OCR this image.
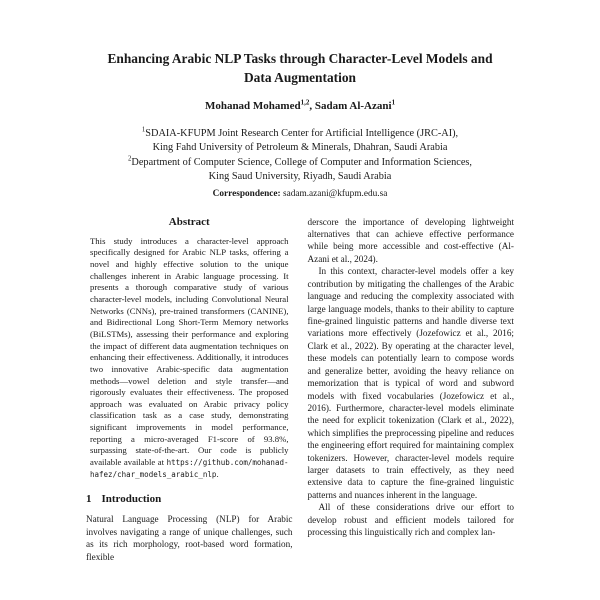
Enhancing Arabic NLP Tasks through Character-Level Models and Data Augmentation
Mohanad Mohamed$^{1,2}$, Sadam Al-Azani$^1$
$^1$SDAIA-KFUPM Joint Research Center for Artificial Intelligence (JRC-AI),
King Fahd University of Petroleum & Minerals, Dhahran, Saudi Arabia
$^2$Department of Computer Science, College of Computer and Information Sciences,
King Saud University, Riyadh, Saudi Arabia
Correspondence: sadam.azani@kfupm.edu.sa
Abstract

This study introduces a character-level approach specifically designed for Arabic NLP tasks, offering a novel and highly effective solution to the unique challenges inherent in Arabic language processing. It presents a thorough comparative study of various character-level models, including Convolutional Neural Networks (CNNs), pre-trained transformers (CANINE), and Bidirectional Long Short-Term Memory networks (BiLSTMs), assessing their performance and exploring the impact of different data augmentation techniques on enhancing their effectiveness. Additionally, it introduces two innovative Arabic-specific data augmentation methods—vowel deletion and style transfer—and rigorously evaluates their effectiveness. The proposed approach was evaluated on Arabic privacy policy classification task as a case study, demonstrating significant improvements in model performance, reporting a micro-averaged F1-score of 93.8%, surpassing state-of-the-art. Our code is publicly available available at https://github.com/mohanad-hafez/char_models_arabic_nlp.

1 Introduction

Natural Language Processing (NLP) for Arabic involves navigating a range of unique challenges, such as its rich morphology, root-based word formation, flexible

derscore the importance of developing lightweight alternatives that can achieve effective performance while being more accessible and cost-effective (Al-Azani et al., 2024).

In this context, character-level models offer a key contribution by mitigating the challenges of the Arabic language and reducing the complexity associated with large language models, thanks to their ability to capture fine-grained linguistic patterns and handle diverse text variations more effectively (Jozefowicz et al., 2016; Clark et al., 2022). By operating at the character level, these models can potentially learn to compose words and generalize better, avoiding the heavy reliance on memorization that is typical of word and subword models with fixed vocabularies (Jozefowicz et al., 2016). Furthermore, character-level models eliminate the need for explicit tokenization (Clark et al., 2022), which simplifies the preprocessing pipeline and reduces the engineering effort required for maintaining complex tokenizers. However, character-level models require larger datasets to train effectively, as they need extensive data to capture the fine-grained linguistic patterns and nuances inherent in the language.

All of these considerations drive our effort to develop robust and efficient models tailored for processing this linguistically rich and complex lan-
